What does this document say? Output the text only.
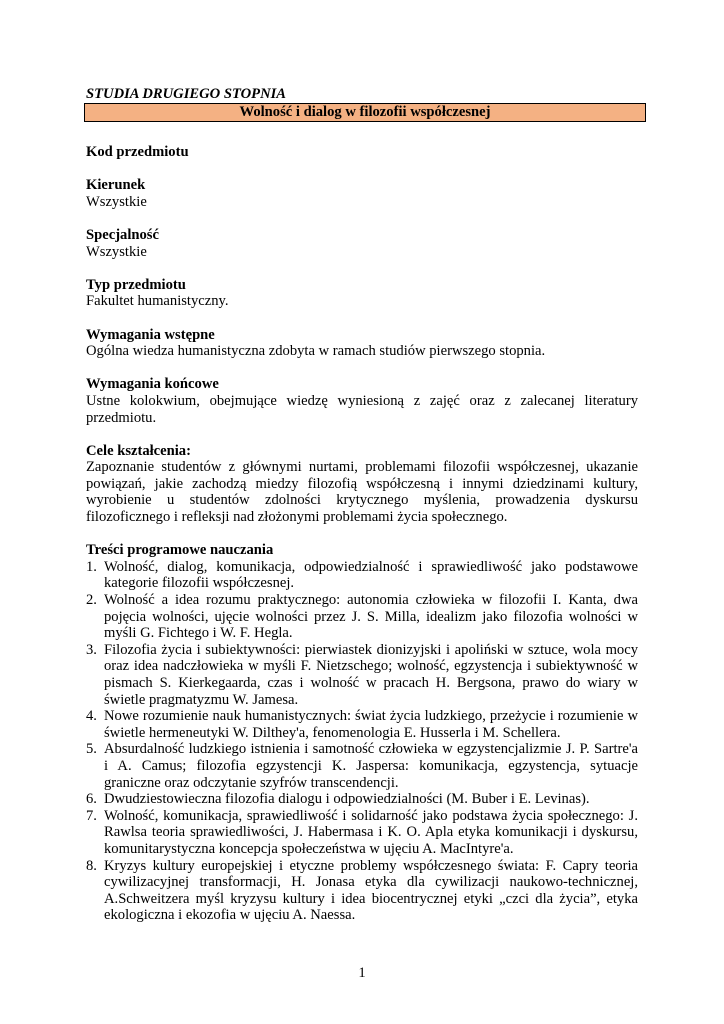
STUDIA DRUGIEGO STOPNIA

Wolność i dialog w filozofii współczesnej

Kod przedmiotu

Kierunek

Wszystkie

Specjalność

Wszystkie

Typ przedmiotu

Fakultet humanistyczny.

Wymagania wstępne

Ogólna wiedza humanistyczna zdobyta w ramach studiów pierwszego stopnia.

Wymagania końcowe

Ustne kolokwium, obejmujące wiedzę wyniesioną z zajęć oraz z zalecanej literatury przedmiotu.

Cele kształcenia:

Zapoznanie studentów z głównymi nurtami, problemami filozofii współczesnej, ukazanie powiązań, jakie zachodzą miedzy filozofią współczesną i innymi dziedzinami kultury, wyrobienie u studentów zdolności krytycznego myślenia, prowadzenia dyskursu filozoficznego i refleksji nad złożonymi problemami życia społecznego.

Treści programowe nauczania

1. Wolność, dialog, komunikacja, odpowiedzialność i sprawiedliwość jako podstawowe kategorie filozofii współczesnej.
2. Wolność a idea rozumu praktycznego: autonomia człowieka w filozofii I. Kanta, dwa pojęcia wolności, ujęcie wolności przez J. S. Milla, idealizm jako filozofia wolności w myśli G. Fichtego i W. F. Hegla.
3. Filozofia życia i subiektywności: pierwiastek dionizyjski i apoliński w sztuce, wola mocy oraz idea nadczłowieka w myśli F. Nietzschego; wolność, egzystencja i subiektywność w pismach S. Kierkegaarda, czas i wolność w pracach H. Bergsona, prawo do wiary w świetle pragmatyzmu W. Jamesa.
4. Nowe rozumienie nauk humanistycznych: świat życia ludzkiego, przeżycie i rozumienie w świetle hermeneutyki W. Dilthey'a, fenomenologia E. Husserla i M. Schellera.
5. Absurdalność ludzkiego istnienia i samotność człowieka w egzystencjalizmie J. P. Sartre'a i A. Camus; filozofia egzystencji K. Jaspersa: komunikacja, egzystencja, sytuacje graniczne oraz odczytanie szyfrów transcendencji.
6. Dwudziestowieczna filozofia dialogu i odpowiedzialności (M. Buber i E. Levinas).
7. Wolność, komunikacja, sprawiedliwość i solidarność jako podstawa życia społecznego: J. Rawlsa teoria sprawiedliwości, J. Habermasa i K. O. Apla etyka komunikacji i dyskursu, komunitarystyczna koncepcja społeczeństwa w ujęciu A. MacIntyre'a.
8. Kryzys kultury europejskiej i etyczne problemy współczesnego świata: F. Capry teoria cywilizacyjnej transformacji, H. Jonasa etyka dla cywilizacji naukowo-technicznej, A.Schweitzera myśl kryzysu kultury i idea biocentrycznej etyki „czci dla życia”, etyka ekologiczna i ekozofia w ujęciu A. Naessa.
1
